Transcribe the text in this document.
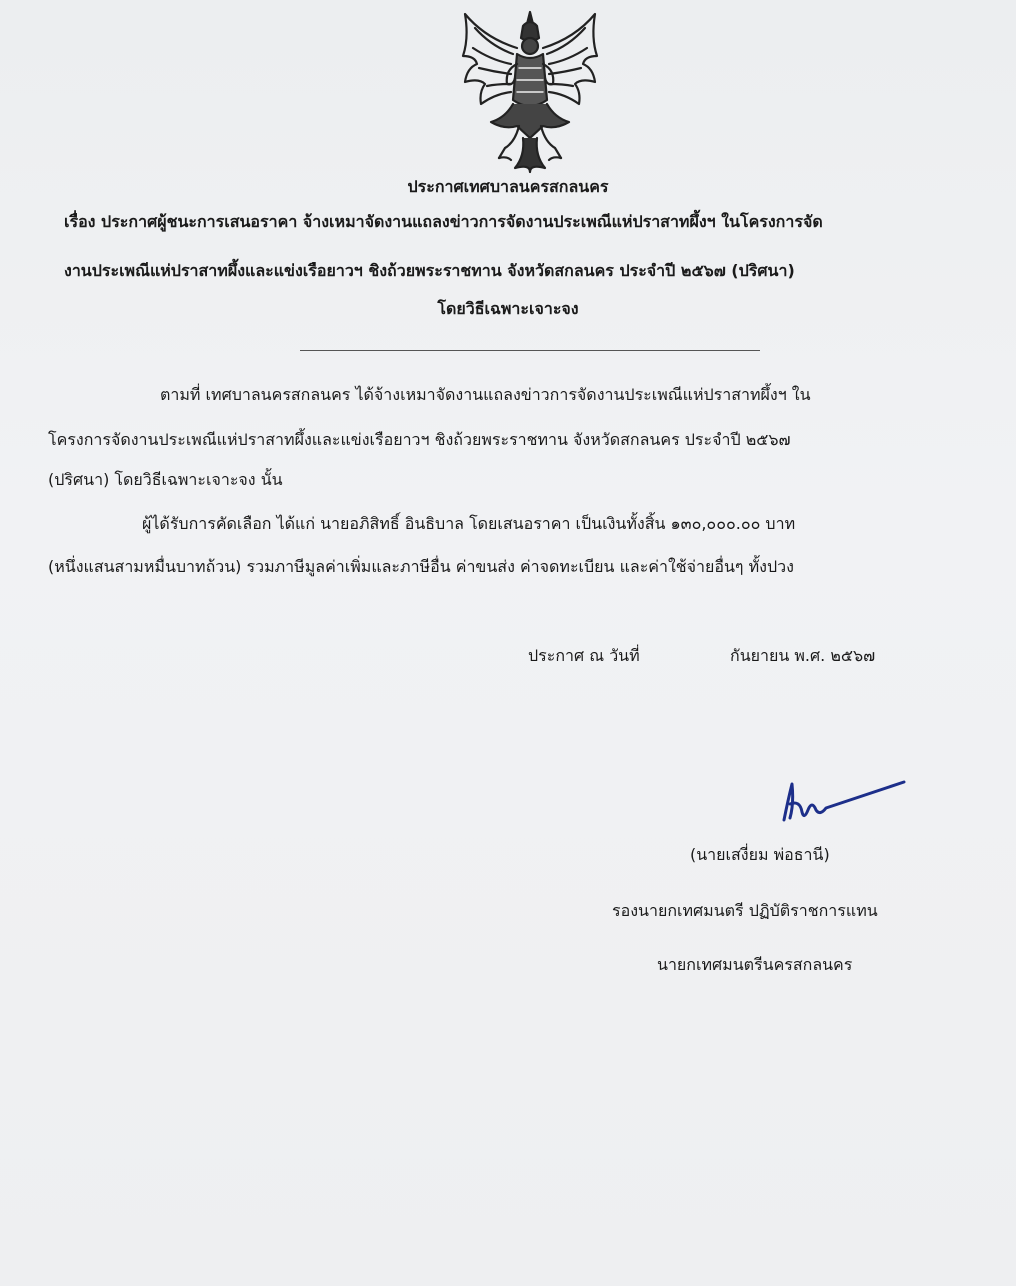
ประกาศเทศบาลนครสกลนคร
เรื่อง ประกาศผู้ชนะการเสนอราคา จ้างเหมาจัดงานแถลงข่าวการจัดงานประเพณีแห่ปราสาทผึ้งฯ ในโครงการจัด
งานประเพณีแห่ปราสาทผึ้งและแข่งเรือยาวฯ ชิงถ้วยพระราชทาน จังหวัดสกลนคร ประจำปี ๒๕๖๗ (ปริศนา)
โดยวิธีเฉพาะเจาะจง
ตามที่ เทศบาลนครสกลนคร ได้จ้างเหมาจัดงานแถลงข่าวการจัดงานประเพณีแห่ปราสาทผึ้งฯ ใน
โครงการจัดงานประเพณีแห่ปราสาทผึ้งและแข่งเรือยาวฯ ชิงถ้วยพระราชทาน จังหวัดสกลนคร ประจำปี ๒๕๖๗
(ปริศนา) โดยวิธีเฉพาะเจาะจง นั้น
ผู้ได้รับการคัดเลือก ได้แก่ นายอภิสิทธิ์ อินธิบาล โดยเสนอราคา เป็นเงินทั้งสิ้น ๑๓๐,๐๐๐.๐๐ บาท
(หนึ่งแสนสามหมื่นบาทถ้วน) รวมภาษีมูลค่าเพิ่มและภาษีอื่น ค่าขนส่ง ค่าจดทะเบียน และค่าใช้จ่ายอื่นๆ ทั้งปวง
ประกาศ ณ วันที่	กันยายน พ.ศ. ๒๕๖๗
(นายเสงี่ยม พ่อธานี)
รองนายกเทศมนตรี ปฏิบัติราชการแทน
นายกเทศมนตรีนครสกลนคร
